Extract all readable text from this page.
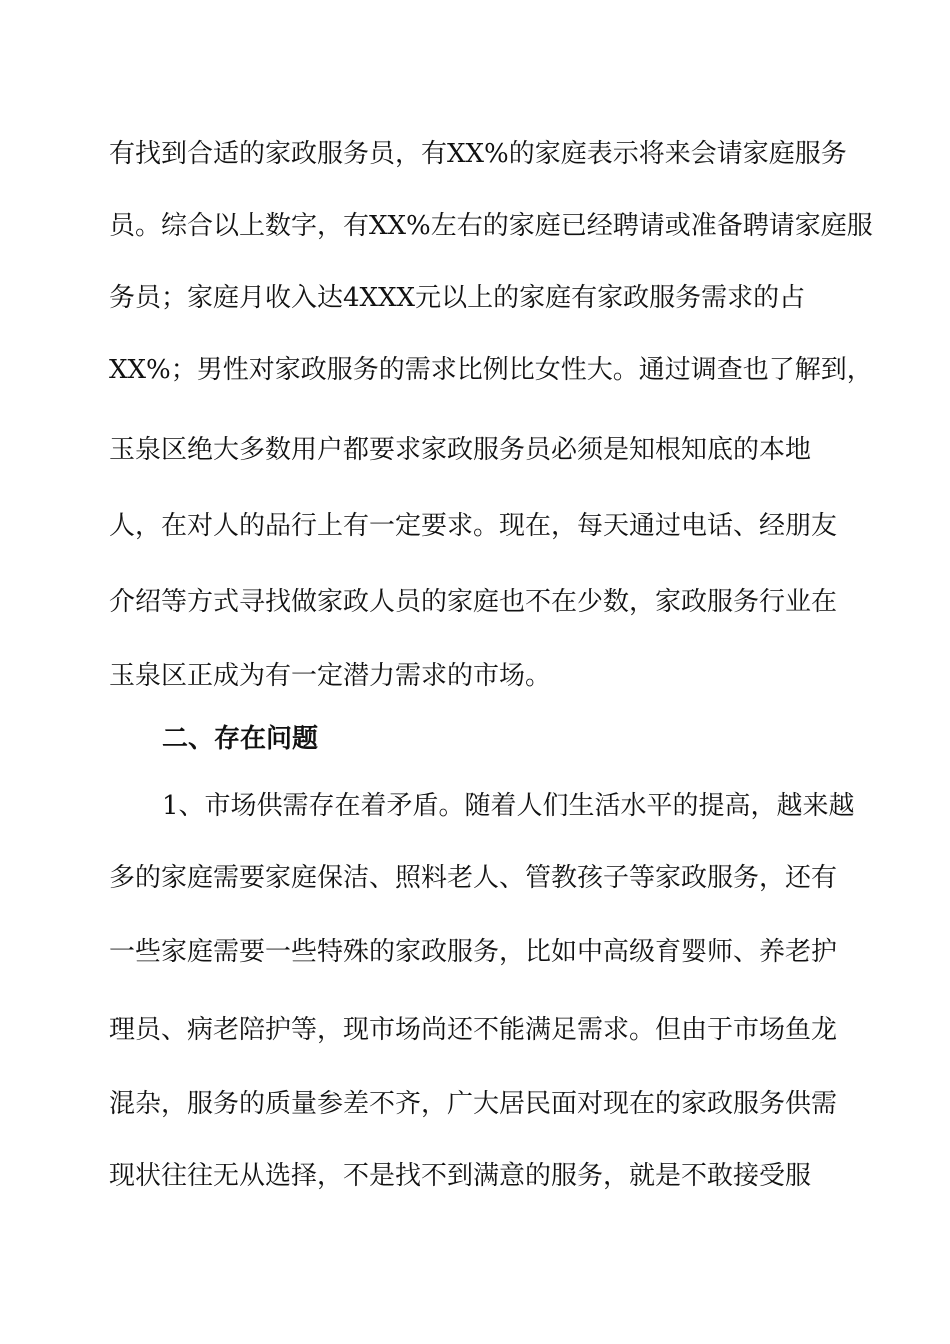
有找到合适的家政服务员，有XX%的家庭表示将来会请家庭服务
员。综合以上数字，有XX%左右的家庭已经聘请或准备聘请家庭服
务员；家庭月收入达4XXX元以上的家庭有家政服务需求的占
XX%；男性对家政服务的需求比例比女性大。通过调查也了解到，
玉泉区绝大多数用户都要求家政服务员必须是知根知底的本地
人，在对人的品行上有一定要求。现在，每天通过电话、经朋友
介绍等方式寻找做家政人员的家庭也不在少数，家政服务行业在
玉泉区正成为有一定潜力需求的市场。
二、存在问题
1、市场供需存在着矛盾。随着人们生活水平的提高，越来越
多的家庭需要家庭保洁、照料老人、管教孩子等家政服务，还有
一些家庭需要一些特殊的家政服务，比如中高级育婴师、养老护
理员、病老陪护等，现市场尚还不能满足需求。但由于市场鱼龙
混杂，服务的质量参差不齐，广大居民面对现在的家政服务供需
现状往往无从选择，不是找不到满意的服务，就是不敢接受服
